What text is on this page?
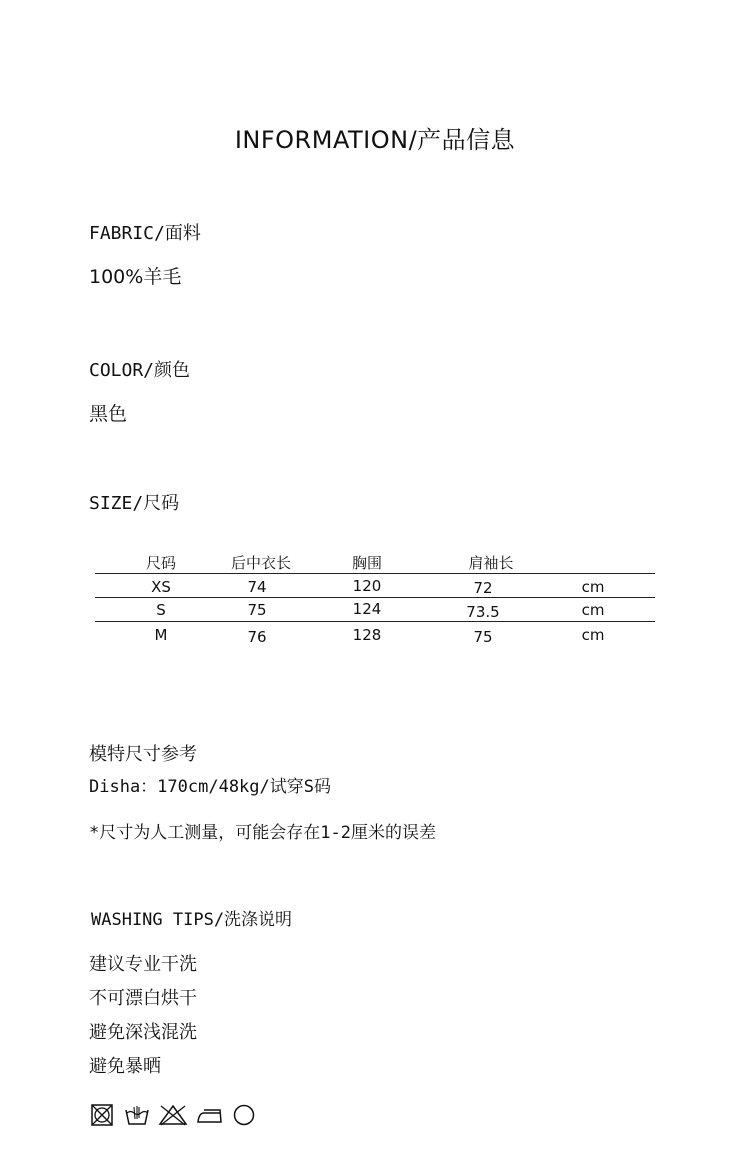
INFORMATION/产品信息
FABRIC/面料
100%羊毛
COLOR/颜色
黑色
SIZE/尺码
尺码	后中衣长	胸围	肩袖长
XS	74	120	72	cm
S	75	124	73.5	cm
M	76	128	75	cm
模特尺寸参考
Disha：170cm/48kg/试穿S码
*尺寸为人工测量，可能会存在1-2厘米的误差
WASHING TIPS/洗涤说明
建议专业干洗
不可漂白烘干
避免深浅混洗
避免暴晒
